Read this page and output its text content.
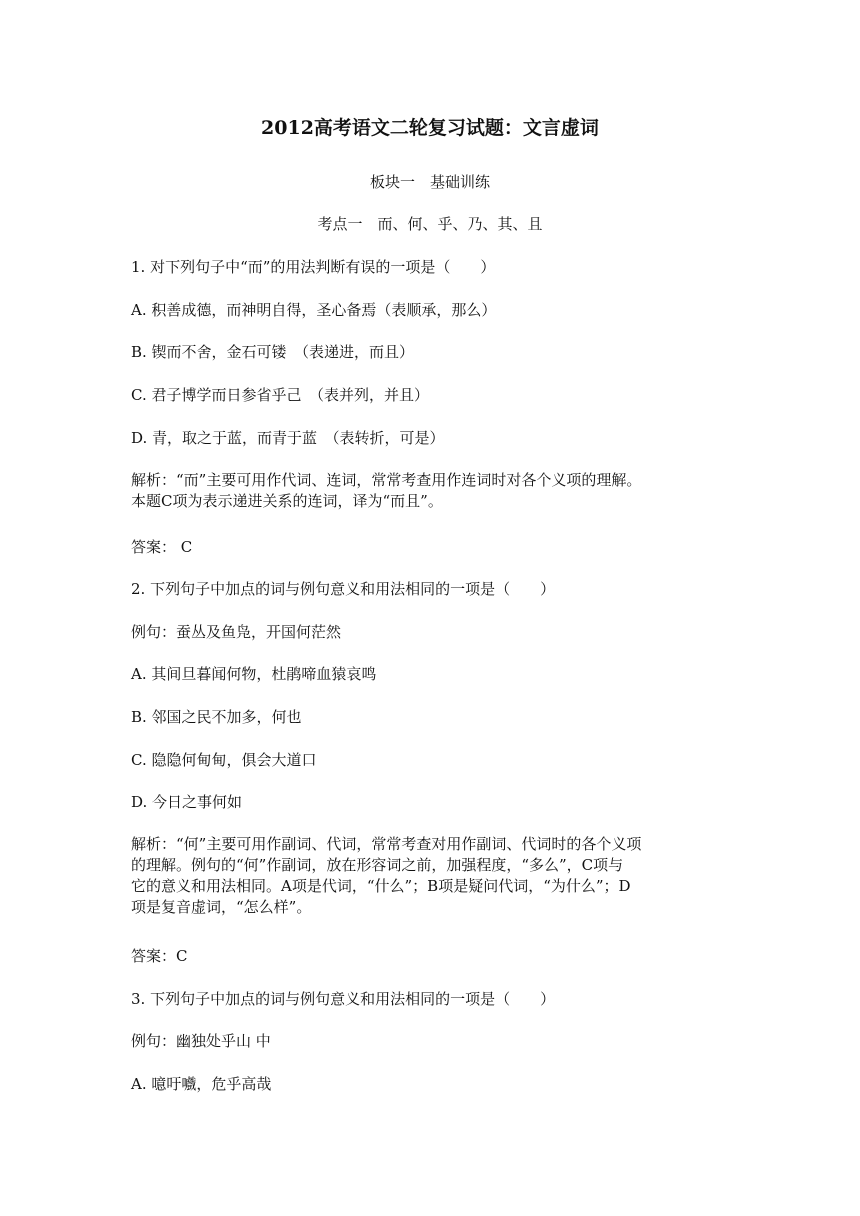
2012高考语文二轮复习试题：文言虚词
板块一　基础训练
考点一　而、何、乎、乃、其、且
1. 对下列句子中“而”的用法判断有误的一项是（　　）
A. 积善成德，而神明自得，圣心备焉（表顺承，那么）
B. 锲而不舍，金石可镂　（表递进，而且）
C. 君子博学而日参省乎己　（表并列，并且）
D. 青，取之于蓝，而青于蓝　（表转折，可是）
解析：“而”主要可用作代词、连词，常常考查用作连词时对各个义项的理解。
本题C项为表示递进关系的连词，译为“而且”。
答案： C
2. 下列句子中加点的词与例句意义和用法相同的一项是（　　）
例句：蚕丛及鱼凫，开国何茫然
A. 其间旦暮闻何物，杜鹃啼血猿哀鸣
B. 邻国之民不加多，何也
C. 隐隐何甸甸，俱会大道口
D. 今日之事何如
解析：“何”主要可用作副词、代词，常常考查对用作副词、代词时的各个义项
的理解。例句的“何”作副词，放在形容词之前，加强程度，“多么”，C项与
它的意义和用法相同。A项是代词，“什么”；B项是疑问代词，“为什么”；D
项是复音虚词，“怎么样”。
答案：C
3. 下列句子中加点的词与例句意义和用法相同的一项是（　　）
例句：幽独处乎山 中
A. 噫吁嚱，危乎高哉
